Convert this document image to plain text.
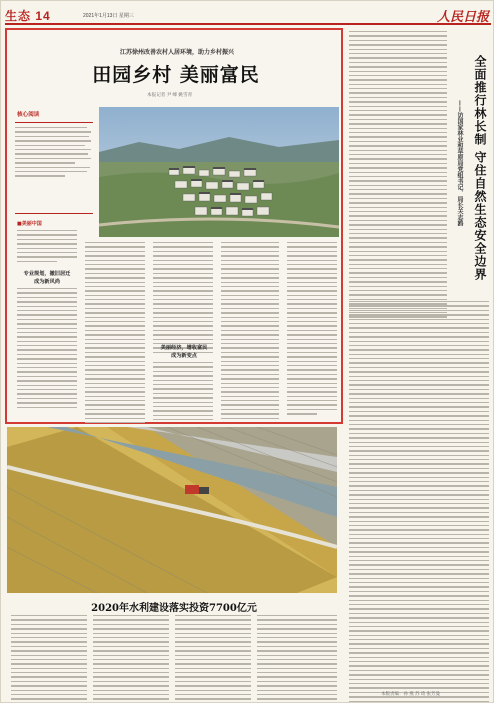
生态 14	2021年1月13日 星期三	人民日报
江苏徐州改善农村人居环境，助力乡村振兴
田园乡村 美丽富民
本报记者 尹 峰 姚雪青
核心阅读
■美丽中国
专业规划，撤旧居迁
成为新风尚
美丽经济，增收富民
成为新变点
全面推行林长制 守住自然生态安全边界
——访国家林业和草原局党组书记、局长关志鸥
2020年水利建设落实投资7700亿元
本版责编：孙 燕 苏 琦 张芳曼
